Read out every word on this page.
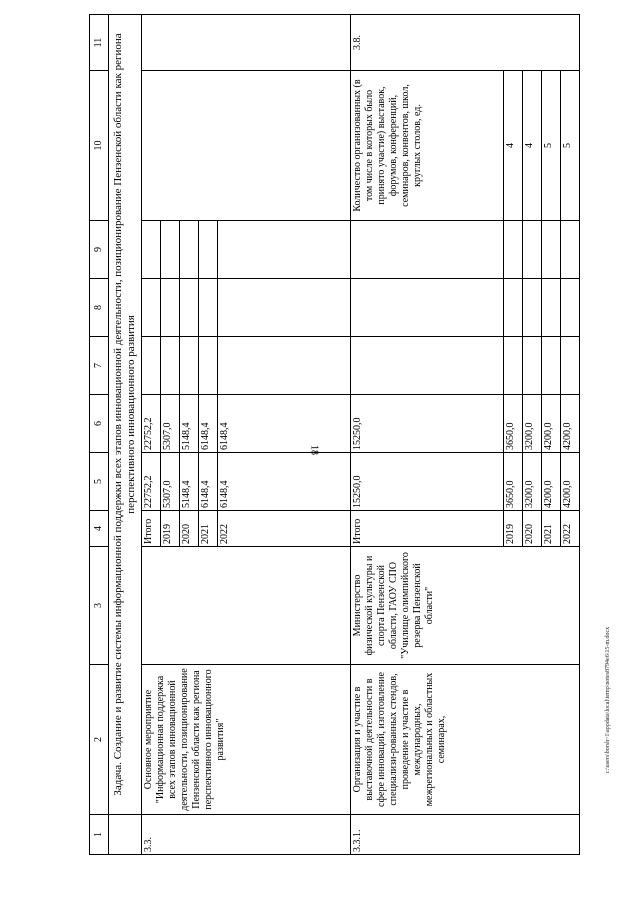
18
c:\users\borsh~1\appdata\local\temp\notes8794e6\15-m.docx
1	2	3	4	5	6	7	8	9	10	11
	Задача. Создание и развитие системы информационной поддержки всех этапов инновационной деятельности, позиционирование Пензенской области как региона перспективного инновационного развития									
3.3.	Основное мероприятие "Информационная поддержка всех этапов инновационной деятельности, позиционирование Пензенской области как региона перспективного инновационного развития"		Итого	22752,2	22752,2					
			2019	5307,0	5307,0					
			2020	5148,4	5148,4					
			2021	6148,4	6148,4					
			2022	6148,4	6148,4					
3.3.1.	Организация и участие в выставочной деятельности в сфере инноваций, изготовление специализи-рованных стендов, проведение и участие в международных, межрегиональных и областных семинарах,	Министерство физической культуры и спорта Пензенской области, ГАОУ СПО "Училище олимпийского резерва Пензенской области"	Итого	15250,0	15250,0				Количество организованных (в том числе в которых было принято участие) выставок, форумов, конференций, семинаров, конвентов, школ, круглых столов, ед.	3.8.
			2019	3650,0	3650,0				4	
			2020	3200,0	3200,0				4	
			2021	4200,0	4200,0				5	
			2022	4200,0	4200,0				5	
